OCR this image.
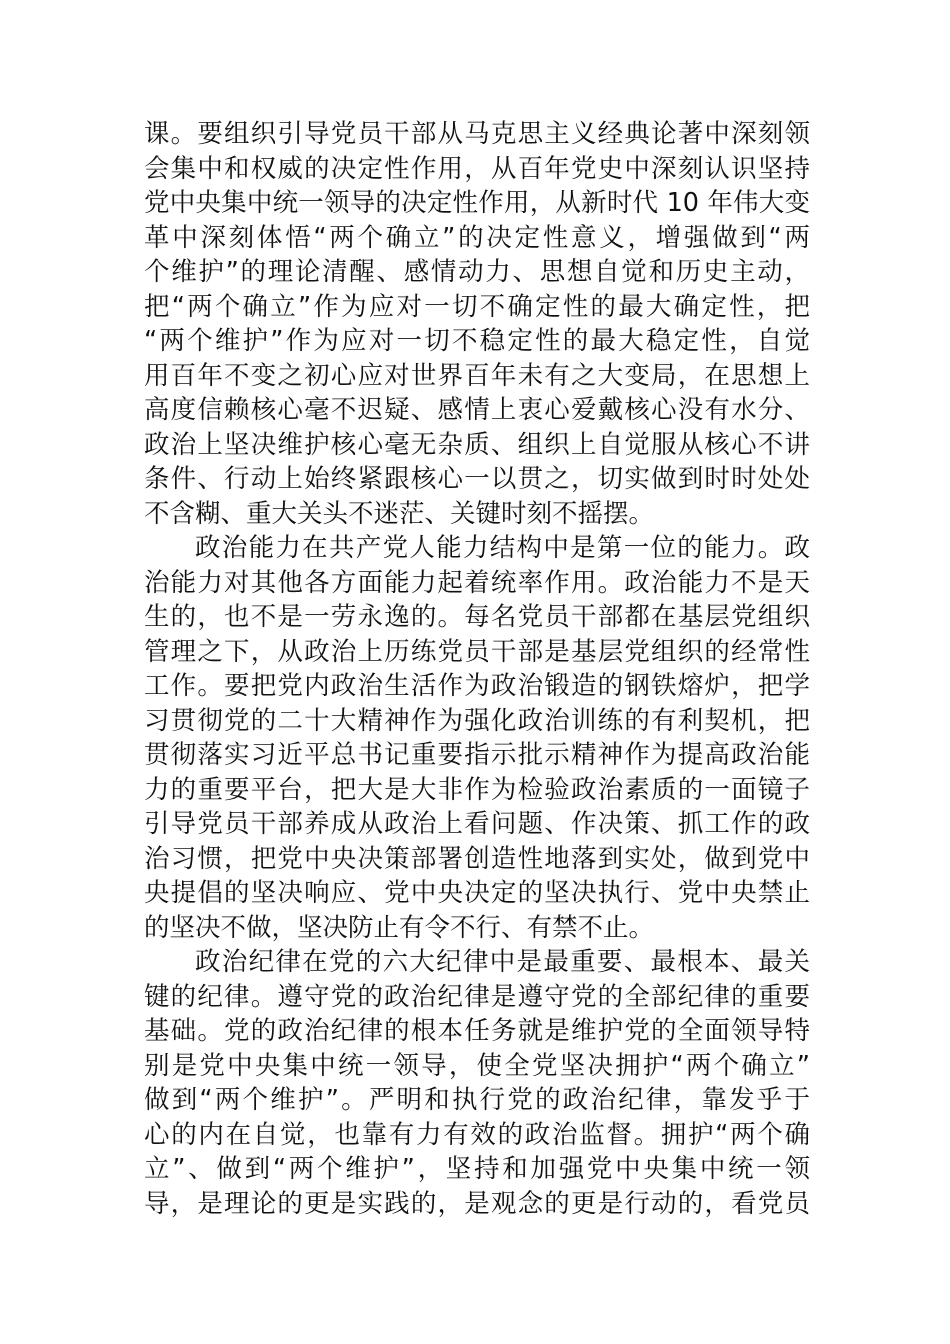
课。要组织引导党员干部从马克思主义经典论著中深刻领
会集中和权威的决定性作用，从百年党史中深刻认识坚持
党中央集中统一领导的决定性作用，从新时代 10 年伟大变
革中深刻体悟“两个确立”的决定性意义，增强做到“两
个维护”的理论清醒、感情动力、思想自觉和历史主动，
把“两个确立”作为应对一切不确定性的最大确定性，把
“两个维护”作为应对一切不稳定性的最大稳定性，自觉
用百年不变之初心应对世界百年未有之大变局，在思想上
高度信赖核心毫不迟疑、感情上衷心爱戴核心没有水分、
政治上坚决维护核心毫无杂质、组织上自觉服从核心不讲
条件、行动上始终紧跟核心一以贯之，切实做到时时处处
不含糊、重大关头不迷茫、关键时刻不摇摆。
政治能力在共产党人能力结构中是第一位的能力。政
治能力对其他各方面能力起着统率作用。政治能力不是天
生的，也不是一劳永逸的。每名党员干部都在基层党组织
管理之下，从政治上历练党员干部是基层党组织的经常性
工作。要把党内政治生活作为政治锻造的钢铁熔炉，把学
习贯彻党的二十大精神作为强化政治训练的有利契机，把
贯彻落实习近平总书记重要指示批示精神作为提高政治能
力的重要平台，把大是大非作为检验政治素质的一面镜子
引导党员干部养成从政治上看问题、作决策、抓工作的政
治习惯，把党中央决策部署创造性地落到实处，做到党中
央提倡的坚决响应、党中央决定的坚决执行、党中央禁止
的坚决不做，坚决防止有令不行、有禁不止。
政治纪律在党的六大纪律中是最重要、最根本、最关
键的纪律。遵守党的政治纪律是遵守党的全部纪律的重要
基础。党的政治纪律的根本任务就是维护党的全面领导特
别是党中央集中统一领导，使全党坚决拥护“两个确立”
做到“两个维护”。严明和执行党的政治纪律，靠发乎于
心的内在自觉，也靠有力有效的政治监督。拥护“两个确
立”、做到“两个维护”，坚持和加强党中央集中统一领
导，是理论的更是实践的，是观念的更是行动的，看党员
